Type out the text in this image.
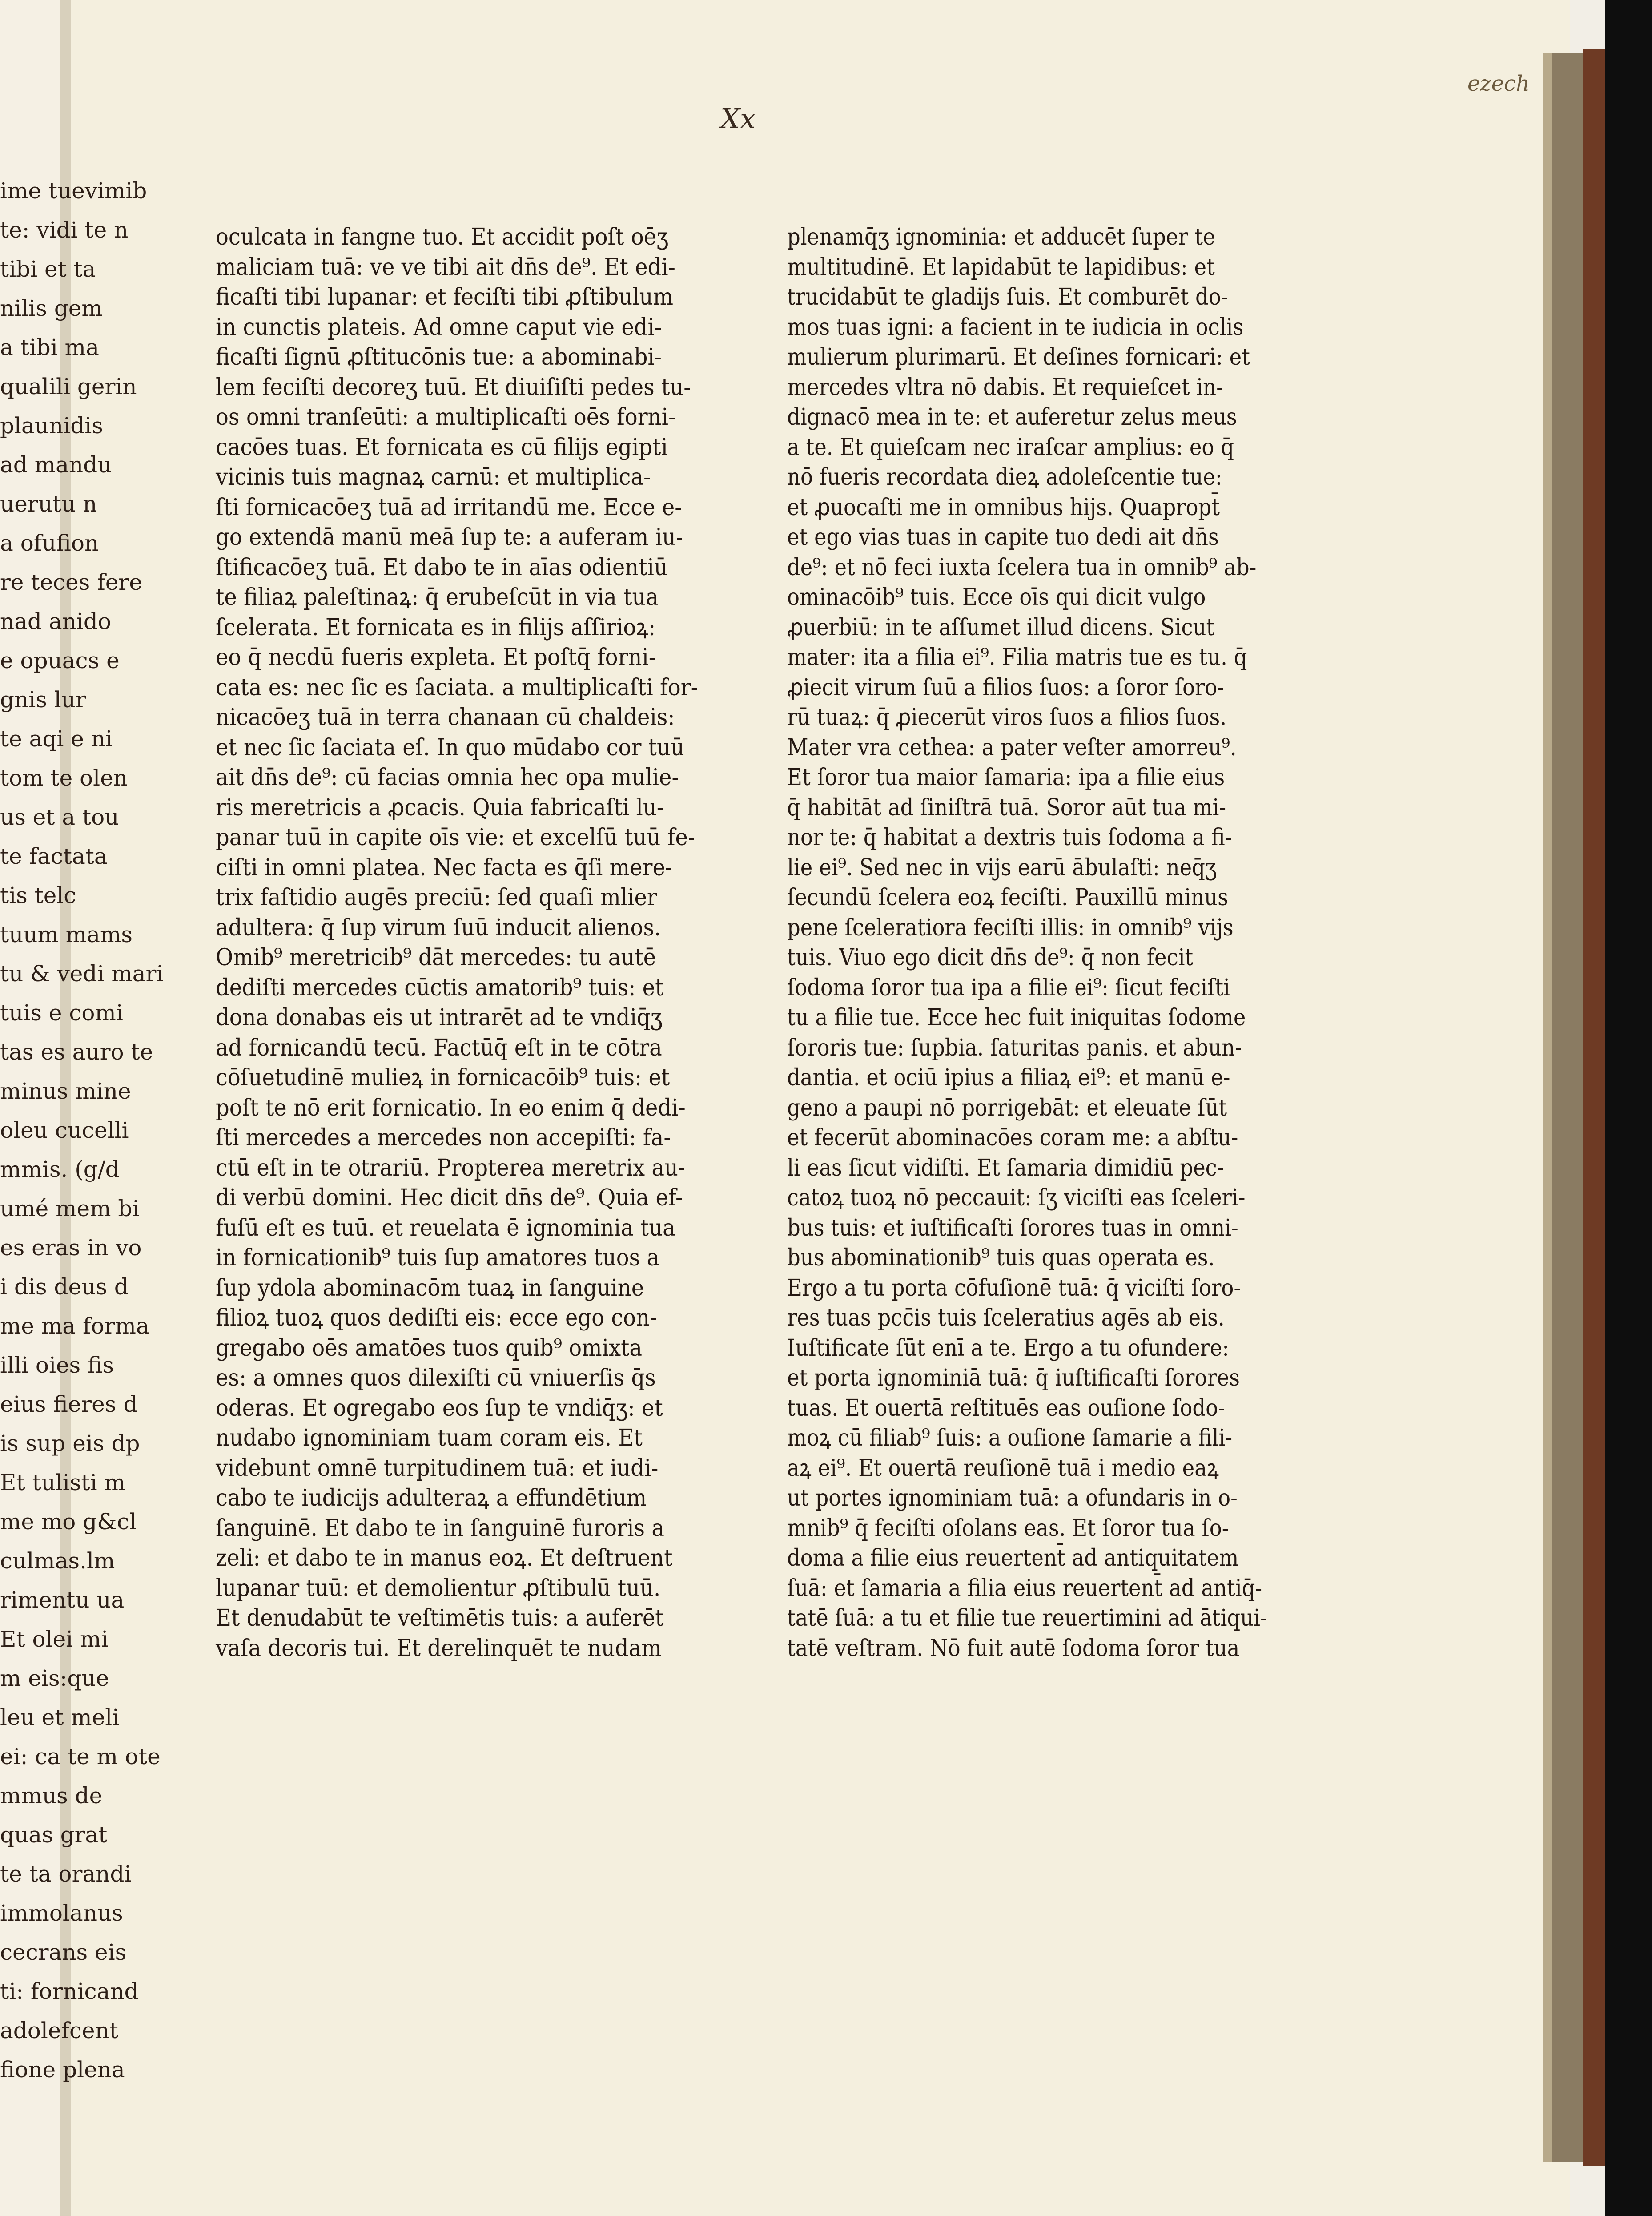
ime tuevimib
te: vidi te n
tibi et ta
nilis gem
a tibi ma
qualili gerin
plaunidis
ad mandu
uerutu n
a ofufion
re teces fere
nad anido
e opuacs e
gnis lur
te aqi e ni
tom te olen
us et a tou
te factata
tis telc
tuum mams
tu & vedi mari
tuis e comi
tas es auro te
minus mine
oleu cucelli
mmis. (g/d
umé mem bi
es eras in vo
i dis deus d
me ma forma
illi oies fis
eius fieres d
is sup eis dp
Et tulisti m
me mo g&cl
culmas.lm
rimentu ua
Et olei mi
m eis:que
leu et meli
ei: ca te m ote
mmus de
quas grat
te ta orandi
immolanus
cecrans eis
ti: fornicand
adolefcent
fione plena
Xx
ezech
oculcata in fangne tuo. Et accidit poſt oēʒ
maliciam tuā: ve ve tibi ait dn̄s de⁹. Et edi-
ficaſti tibi lupanar: et feciſti tibi ꝓſtibulum
in cunctis plateis. Ad omne caput vie edi-
ficaſti ſignū ꝓſtitucōnis tue: a abominabi-
lem feciſti decoreʒ tuū. Et diuiſiſti pedes tu-
os omni tranſeūti: a multiplicaſti oēs forni-
cacōes tuas. Et fornicata es cū filijs egipti
vicinis tuis magnaꝝ carnū: et multiplica-
ſti fornicacōeʒ tuā ad irritandū me. Ecce e-
go extendā manū meā ſup te: a auferam iu-
ſtificacōeʒ tuā. Et dabo te in aīas odientiū
te filiaꝝ paleſtinaꝝ: q̄ erubeſcūt in via tua
ſcelerata. Et fornicata es in filijs aſſirioꝝ:
eo q̄ necdū fueris expleta. Et poſtq̄ forni-
cata es: nec ſic es ſaciata. a multiplicaſti for-
nicacōeʒ tuā in terra chanaan cū chaldeis:
et nec ſic ſaciata eſ. In quo mūdabo cor tuū
ait dn̄s de⁹: cū facias omnia hec opa mulie-
ris meretricis a ꝓcacis. Quia fabricaſti lu-
panar tuū in capite oīs vie: et excelſū tuū fe-
ciſti in omni platea. Nec facta es q̄ſi mere-
trix faſtidio augēs preciū: ſed quaſi mlier
adultera: q̄ ſup virum ſuū inducit alienos.
Omib⁹ meretricib⁹ dāt mercedes: tu autē
dediſti mercedes cūctis amatorib⁹ tuis: et
dona donabas eis ut intrarēt ad te vndiq̄ʒ
ad fornicandū tecū. Factūq̄ eſt in te cōtra
cōſuetudinē mulieꝝ in fornicacōib⁹ tuis: et
poſt te nō erit fornicatio. In eo enim q̄ dedi-
ſti mercedes a mercedes non accepiſti: fa-
ctū eſt in te otrariū. Propterea meretrix au-
di verbū domini. Hec dicit dn̄s de⁹. Quia ef-
fuſū eſt es tuū. et reuelata ē ignominia tua
in fornicationib⁹ tuis ſup amatores tuos a
ſup ydola abominacōm tuaꝝ in ſanguine
filioꝝ tuoꝝ quos dediſti eis: ecce ego con-
gregabo oēs amatōes tuos quib⁹ omixta
es: a omnes quos dilexiſti cū vniuerſis q̄s
oderas. Et ogregabo eos ſup te vndiq̄ʒ: et
nudabo ignominiam tuam coram eis. Et
videbunt omnē turpitudinem tuā: et iudi-
cabo te iudicijs adulteraꝝ a effundētium
ſanguinē. Et dabo te in ſanguinē furoris a
zeli: et dabo te in manus eoꝝ. Et deſtruent
lupanar tuū: et demolientur ꝓſtibulū tuū.
Et denudabūt te veſtimētis tuis: a auferēt
vaſa decoris tui. Et derelinquēt te nudam
plenamq̄ʒ ignominia: et adducēt ſuper te
multitudinē. Et lapidabūt te lapidibus: et
trucidabūt te gladijs ſuis. Et comburēt do-
mos tuas igni: a facient in te iudicia in oclis
mulierum plurimarū. Et deſines fornicari: et
mercedes vltra nō dabis. Et requieſcet in-
dignacō mea in te: et auferetur zelus meus
a te. Et quieſcam nec iraſcar amplius: eo q̄
nō fueris recordata dieꝝ adoleſcentie tue:
et ꝓuocaſti me in omnibus hijs. Quapropt̄
et ego vias tuas in capite tuo dedi ait dn̄s
de⁹: et nō feci iuxta ſcelera tua in omnib⁹ ab-
ominacōib⁹ tuis. Ecce oīs qui dicit vulgo
ꝓuerbiū: in te aſſumet illud dicens. Sicut
mater: ita a filia ei⁹. Filia matris tue es tu. q̄
ꝓiecit virum ſuū a filios ſuos: a ſoror ſoro-
rū tuaꝝ: q̄ ꝓiecerūt viros ſuos a filios ſuos.
Mater vra cethea: a pater veſter amorreu⁹.
Et ſoror tua maior ſamaria: ipa a filie eius
q̄ habitāt ad ſiniſtrā tuā. Soror aūt tua mi-
nor te: q̄ habitat a dextris tuis ſodoma a fi-
lie ei⁹. Sed nec in vijs earū ābulaſti: neq̄ʒ
ſecundū ſcelera eoꝝ feciſti. Pauxillū minus
pene ſceleratiora feciſti illis: in omnib⁹ vijs
tuis. Viuo ego dicit dn̄s de⁹: q̄ non fecit
ſodoma ſoror tua ipa a filie ei⁹: ſicut feciſti
tu a filie tue. Ecce hec fuit iniquitas ſodome
ſororis tue: ſupbia. ſaturitas panis. et abun-
dantia. et ociū ipius a filiaꝝ ei⁹: et manū e-
geno a paupi nō porrigebāt: et eleuate ſūt
et fecerūt abominacōes coram me: a abſtu-
li eas ſicut vidiſti. Et ſamaria dimidiū pec-
catoꝝ tuoꝝ nō peccauit: ſʒ viciſti eas ſceleri-
bus tuis: et iuſtificaſti ſorores tuas in omni-
bus abominationib⁹ tuis quas operata es.
Ergo a tu porta cōfuſionē tuā: q̄ viciſti ſoro-
res tuas pcc̄is tuis ſceleratius agēs ab eis.
Iuſtificate ſūt enī a te. Ergo a tu ofundere:
et porta ignominiā tuā: q̄ iuſtificaſti ſorores
tuas. Et ouertā reſtituēs eas ouſione ſodo-
moꝝ cū filiab⁹ ſuis: a ouſione ſamarie a fili-
aꝝ ei⁹. Et ouertā reuſionē tuā i medio eaꝝ
ut portes ignominiam tuā: a ofundaris in o-
mnib⁹ q̄ feciſti oſolans eas. Et ſoror tua ſo-
doma a filie eius reuertent̄ ad antiquitatem
ſuā: et ſamaria a filia eius reuertent̄ ad antiq̄-
tatē ſuā: a tu et filie tue reuertimini ad ātiqui-
tatē veſtram. Nō fuit autē ſodoma ſoror tua
